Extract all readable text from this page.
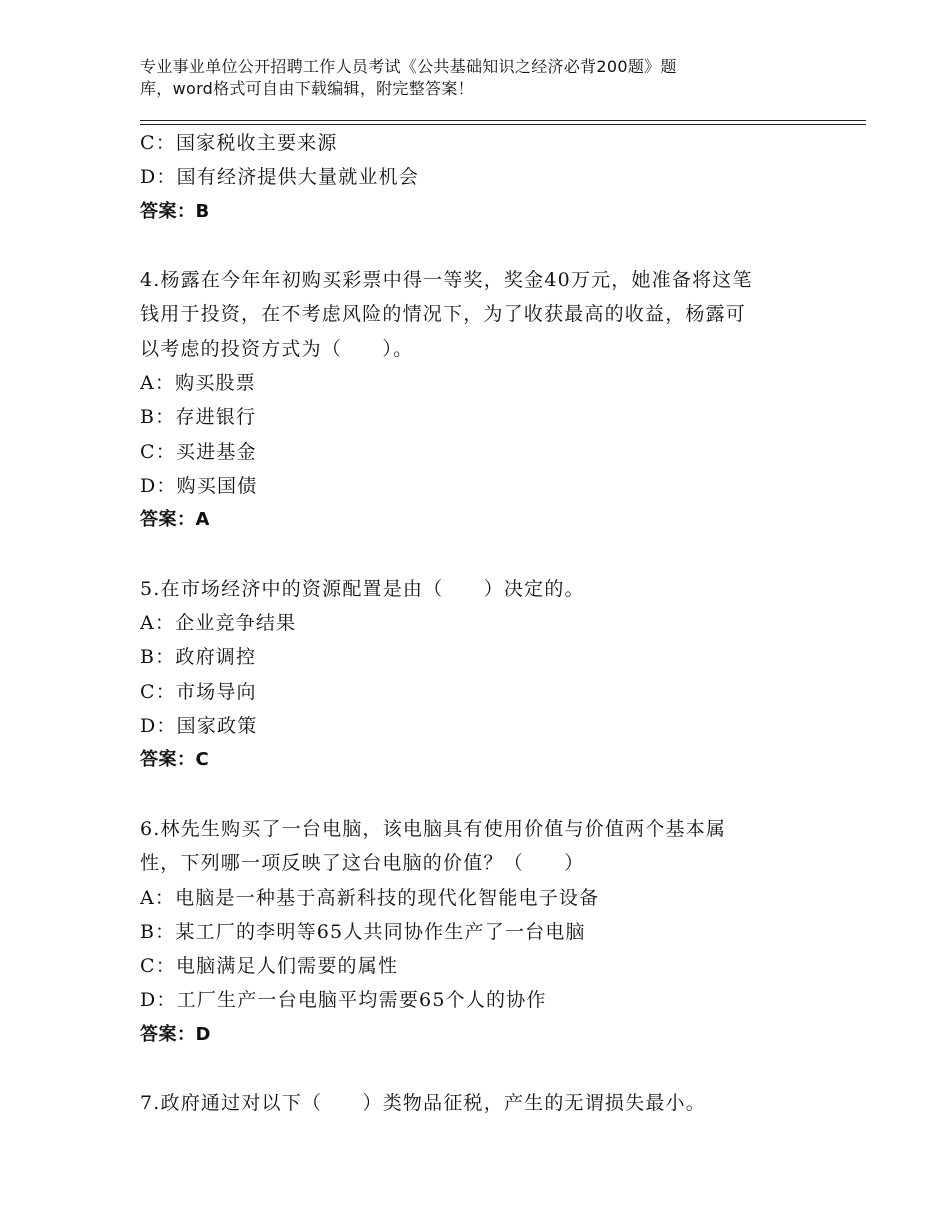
专业事业单位公开招聘工作人员考试《公共基础知识之经济必背200题》题
库，word格式可自由下载编辑，附完整答案！
C：国家税收主要来源
D：国有经济提供大量就业机会
答案：B
4.杨露在今年年初购买彩票中得一等奖，奖金40万元，她准备将这笔
钱用于投资，在不考虑风险的情况下，为了收获最高的收益，杨露可
以考虑的投资方式为（　　）。
A：购买股票
B：存进银行
C：买进基金
D：购买国债
答案：A
5.在市场经济中的资源配置是由（　　）决定的。
A：企业竞争结果
B：政府调控
C：市场导向
D：国家政策
答案：C
6.林先生购买了一台电脑，该电脑具有使用价值与价值两个基本属
性，下列哪一项反映了这台电脑的价值？（　　）
A：电脑是一种基于高新科技的现代化智能电子设备
B：某工厂的李明等65人共同协作生产了一台电脑
C：电脑满足人们需要的属性
D：工厂生产一台电脑平均需要65个人的协作
答案：D
7.政府通过对以下（　　）类物品征税，产生的无谓损失最小。
